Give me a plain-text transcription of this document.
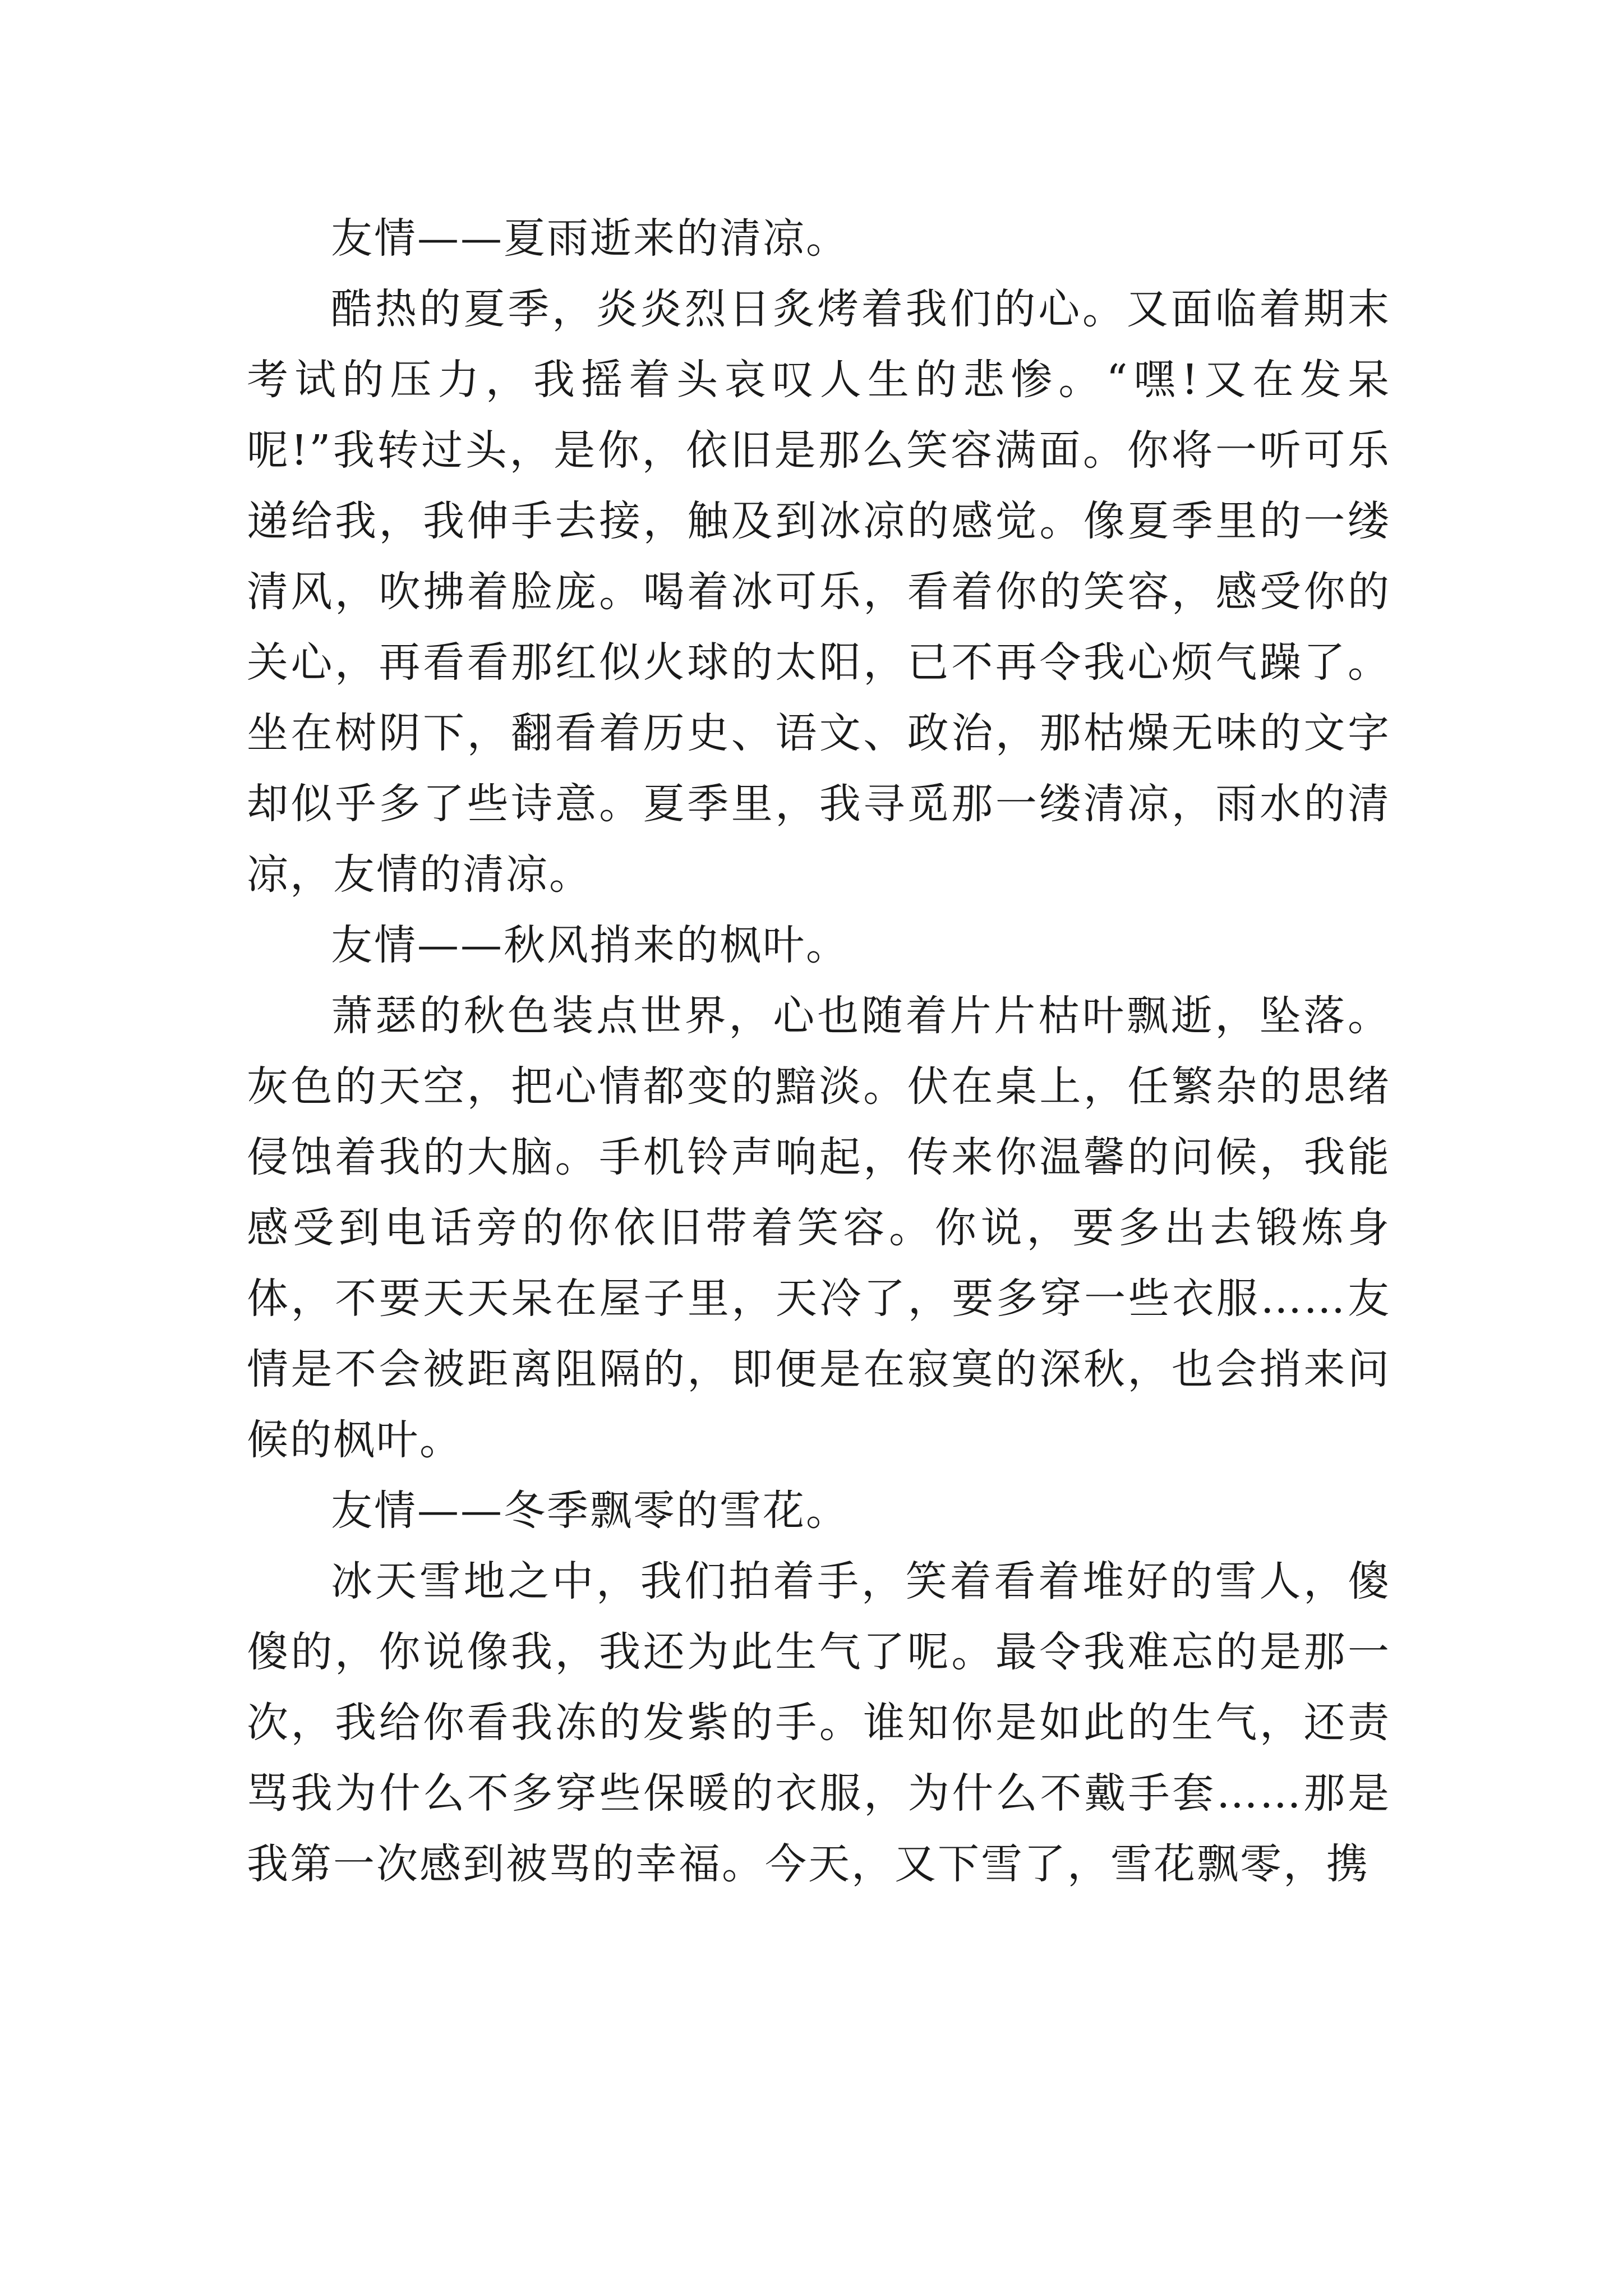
友情——夏雨逝来的清凉。

酷热的夏季，炎炎烈日炙烤着我们的心。又面临着期末考试的压力，我摇着头哀叹人生的悲惨。“嘿!又在发呆呢!”我转过头，是你，依旧是那么笑容满面。你将一听可乐递给我，我伸手去接，触及到冰凉的感觉。像夏季里的一缕清风，吹拂着脸庞。喝着冰可乐，看着你的笑容，感受你的关心，再看看那红似火球的太阳，已不再令我心烦气躁了。坐在树阴下，翻看着历史、语文、政治，那枯燥无味的文字却似乎多了些诗意。夏季里，我寻觅那一缕清凉，雨水的清凉，友情的清凉。

友情——秋风捎来的枫叶。

萧瑟的秋色装点世界，心也随着片片枯叶飘逝，坠落。灰色的天空，把心情都变的黯淡。伏在桌上，任繁杂的思绪侵蚀着我的大脑。手机铃声响起，传来你温馨的问候，我能感受到电话旁的你依旧带着笑容。你说，要多出去锻炼身体，不要天天呆在屋子里，天冷了，要多穿一些衣服……友情是不会被距离阻隔的，即便是在寂寞的深秋，也会捎来问候的枫叶。

友情——冬季飘零的雪花。

冰天雪地之中，我们拍着手，笑着看着堆好的雪人，傻傻的，你说像我，我还为此生气了呢。最令我难忘的是那一次，我给你看我冻的发紫的手。谁知你是如此的生气，还责骂我为什么不多穿些保暖的衣服，为什么不戴手套……那是我第一次感到被骂的幸福。今天，又下雪了，雪花飘零，携
